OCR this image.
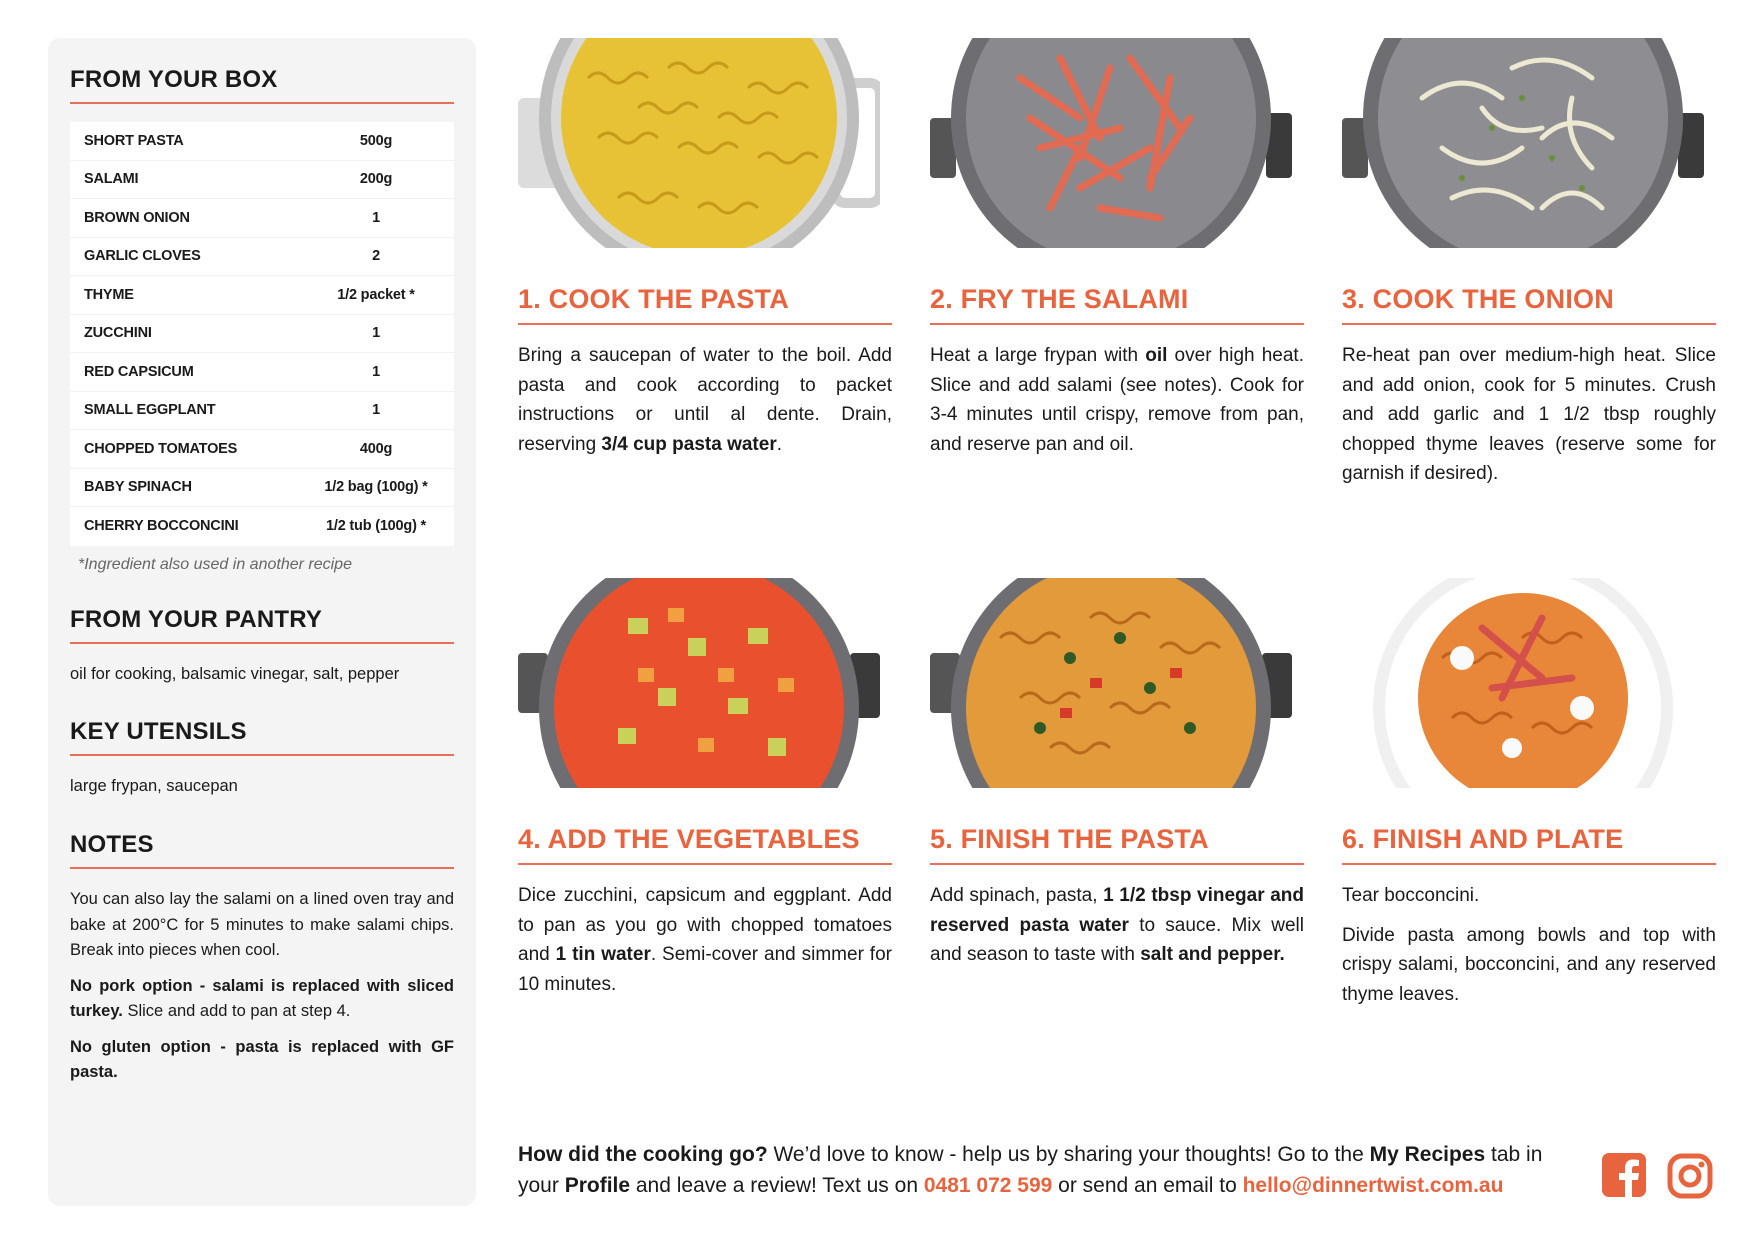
FROM YOUR BOX
SHORT PASTA	500g
SALAMI	200g
BROWN ONION	1
GARLIC CLOVES	2
THYME	1/2 packet *
ZUCCHINI	1
RED CAPSICUM	1
SMALL EGGPLANT	1
CHOPPED TOMATOES	400g
BABY SPINACH	1/2 bag (100g) *
CHERRY BOCCONCINI	1/2 tub (100g) *
*Ingredient also used in another recipe
FROM YOUR PANTRY
oil for cooking, balsamic vinegar, salt, pepper
KEY UTENSILS
large frypan, saucepan
NOTES

You can also lay the salami on a lined oven tray and bake at 200°C for 5 minutes to make salami chips. Break into pieces when cool.

No pork option - salami is replaced with sliced turkey. Slice and add to pan at step 4.

No gluten option - pasta is replaced with GF pasta.

1. COOK THE PASTA

Bring a saucepan of water to the boil. Add pasta and cook according to packet instructions or until al dente. Drain, reserving 3/4 cup pasta water.

2. FRY THE SALAMI

Heat a large frypan with oil over high heat. Slice and add salami (see notes). Cook for 3-4 minutes until crispy, remove from pan, and reserve pan and oil.

3. COOK THE ONION

Re-heat pan over medium-high heat. Slice and add onion, cook for 5 minutes. Crush and add garlic and 1 1/2 tbsp roughly chopped thyme leaves (reserve some for garnish if desired).

4. ADD THE VEGETABLES

Dice zucchini, capsicum and eggplant. Add to pan as you go with chopped tomatoes and 1 tin water. Semi-cover and simmer for 10 minutes.

5. FINISH THE PASTA

Add spinach, pasta, 1 1/2 tbsp vinegar and reserved pasta water to sauce. Mix well and season to taste with salt and pepper.

6. FINISH AND PLATE

Tear bocconcini.

Divide pasta among bowls and top with crispy salami, bocconcini, and any reserved thyme leaves.

How did the cooking go? We’d love to know - help us by sharing your thoughts! Go to the My Recipes tab in your Profile and leave a review! Text us on 0481 072 599 or send an email to hello@dinnertwist.com.au
